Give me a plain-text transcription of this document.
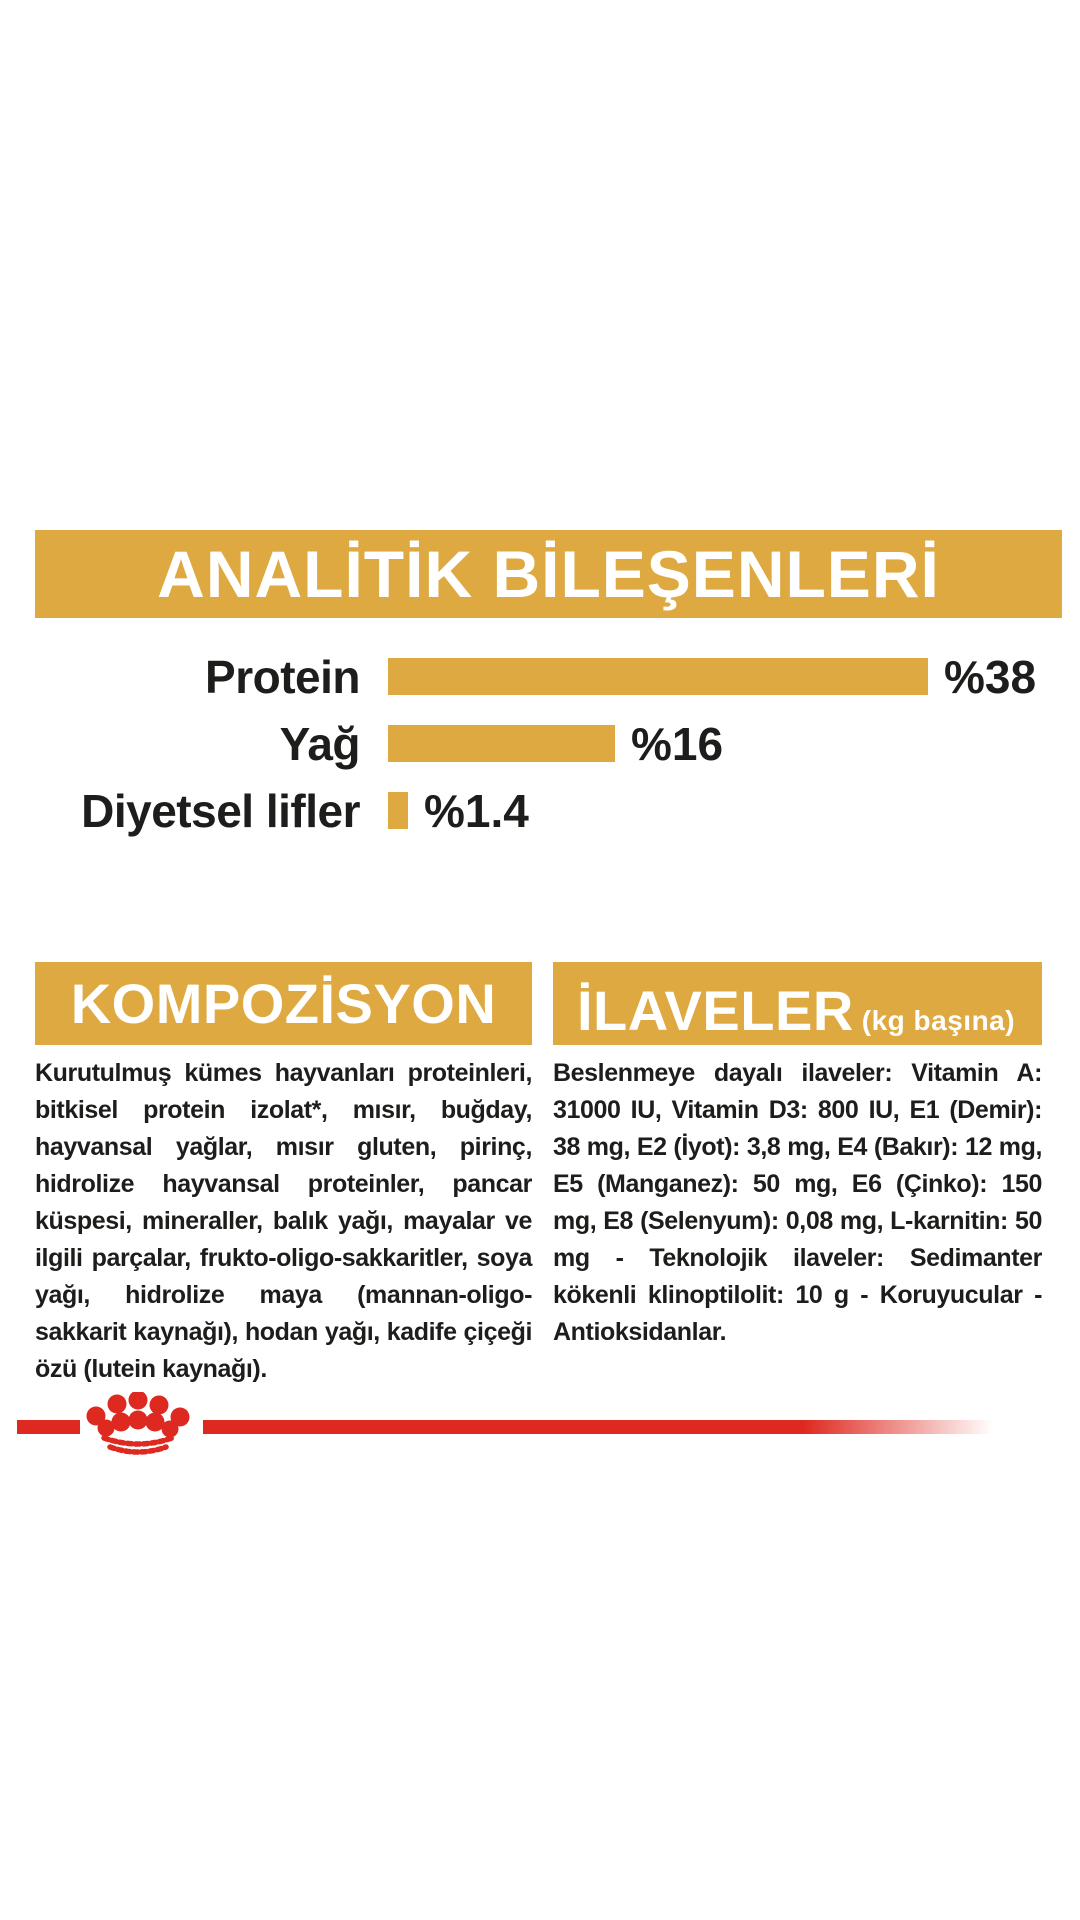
ANALİTİK BİLEŞENLERİ
Protein	%38
Yağ	%16
Diyetsel lifler %1.4
KOMPOZİSYON İLAVELER (kg başına)

Kurutulmuş kümes hayvanları proteinleri, bitkisel protein izolat*, mısır, buğday, hayvansal yağlar, mısır gluten, pirinç, hidrolize hayvansal proteinler, pancar küspesi, mineraller, balık yağı, mayalar ve ilgili parçalar, frukto-oligo-sakkaritler, soya yağı, hidrolize maya (mannan-oligo-sakkarit kaynağı), hodan yağı, kadife çiçeği özü (lutein kaynağı).

Beslenmeye dayalı ilaveler: Vitamin A: 31000 IU, Vitamin D3: 800 IU, E1 (Demir): 38 mg, E2 (İyot): 3,8 mg, E4 (Bakır): 12 mg, E5 (Manganez): 50 mg, E6 (Çinko): 150 mg, E8 (Selenyum): 0,08 mg, L-karnitin: 50 mg - Teknolojik ilaveler: Sedimanter kökenli klinoptilolit: 10 g - Koruyucular - Antioksidanlar.
